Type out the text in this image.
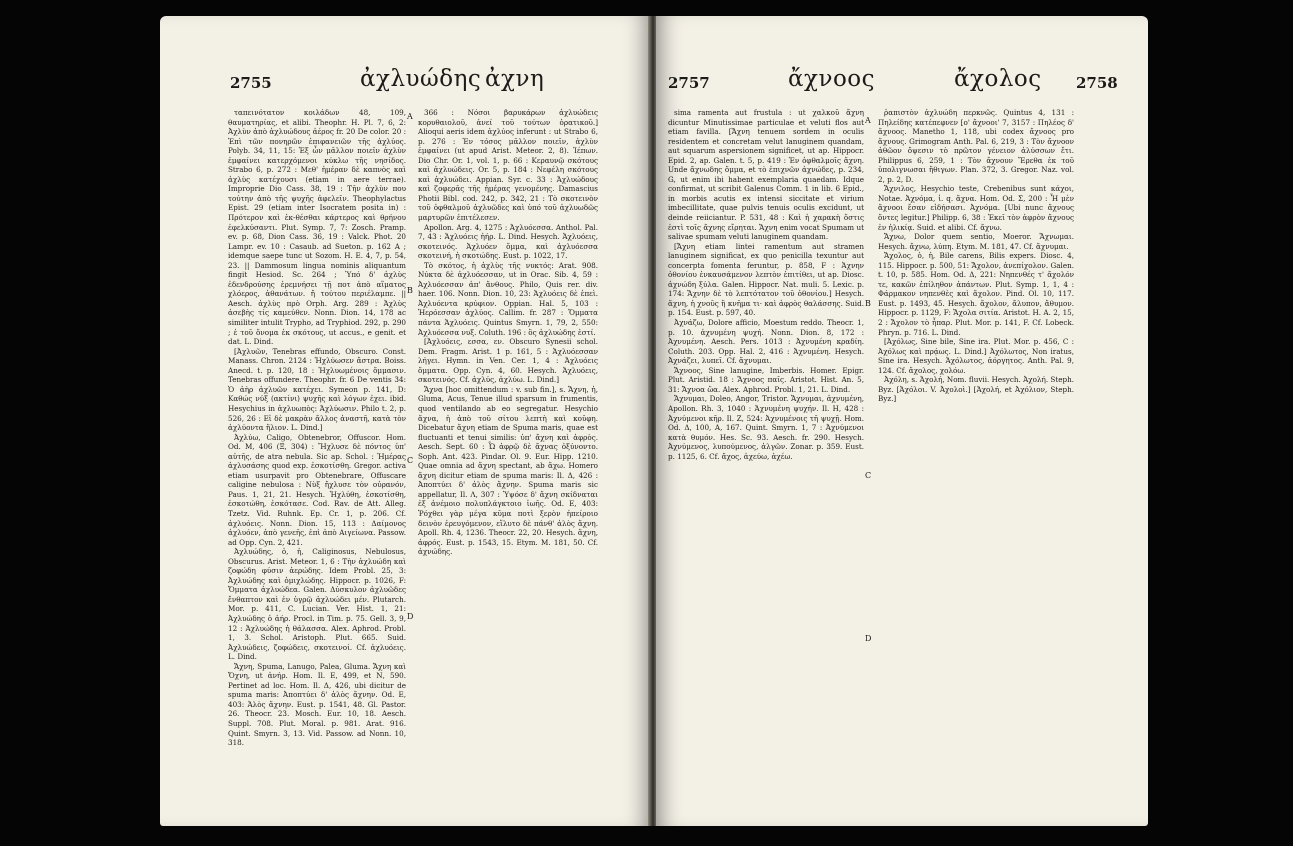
2755	ἀχλυώδης ἀχνη

ταπεινότατον κοιλάδων 48, 109, θαυματηρίας, et alibi. Theophr. H. Pl. 7, 6, 2: Ἀχλὺν ἀπὸ ἀχλυώδους ἀέρος fr. 20 De color. 20 : Ἐπὶ τῶν πονηρῶν ἐπιφανειῶν τῆς ἀχλύος. Polyb. 34, 11, 15: Ἐξ ὧν μᾶλλον ποιεῖν ἀχλὺν ἐμφαίνει κατερχόμενοι κύκλω τῆς νησίδος. Strabo 6, p. 272 : Μεθ' ἡμέραν δὲ καπνὸς καὶ ἀχλὺς κατέχουσι (etiam in aere terrae). Improprie Dio Cass. 38, 19 : Τῆν ἀχλὺν που τούτην ἀπὸ τῆς ψυχῆς ἀφελεῖν. Theophylactus Epist. 29 (etiam inter Isocratem posita in) : Πρότερον καὶ ἐκ-θέσθαι κάρτερος καὶ θρήνου ἐφελκύσαντι. Plut. Symp. 7, 7: Zosch. Pramp. ev. p. 68, Dion Cass. 36, 19 : Valck. Phot. 20 Lampr. ev. 10 : Casaub. ad Sueton. p. 162 A ; idemque saepe tunc ut Sozom. H. E. 4, 7, p. 54, 23. || Dammosum lingua nominis aliquantum fingit Hesiod. Sc. 264 ; Ὑπό δ' ἀχλὺς ἐδενδρούσης ἐρεμνήσει τῇ ποτ ἀπὸ αἵματος χλόερος, ἀθανάτων. ἤ τούτου περιέλαμπε. || Aesch. ἀχλὺς πρὸ Orph. Arg. 289 : Ἀχλὺς ἀσεβὴς τίς καμεύθεν. Nonn. Dion. 14, 178 ac similiter intulit Trypho, ad Tryphiod. 292, p. 290 ; ἑ τοῦ ὄνομα ἐκ σκότους, ut accus., e genit. et dat. L. Dind.

[Ἀχλυῶν, Tenebras effundo, Obscuro. Const. Manass. Chron. 2124 : Ἠχλύωσεν ἄστρα. Boiss. Anecd. t. p. 120, 18 : Ἠχλυωμένοις ὄμμασιν. Tenebras offundere. Theophr. fr. 6 De ventis 34: Ὁ ἀὴρ ἀχλυῶν κατέχει. Symeon p. 141, D: Καθώς νύξ (ακτίνι) ψυχῆς καὶ λόγων ἐχει. ibid. Hesychius in ἀχλυωπὸς: Ἀχλύωσιν. Philo t. 2, p. 526, 26 : Εἰ δὲ μακρὰν ἄλλος ἀναστῆ, κατὰ τὸν ἀχλύοντα ἥλιον. L. Dind.]

Ἀχλύω, Caligo, Obtenebror, Offuscor. Hom. Od. M, 406 (Ξ, 304) : Ἤχλυσε δὲ πόντος ὑπ' αὐτῆς, de atra nebula. Sic ap. Schol. : Ἡμέρας ἀχλυσάσης quod exp. ἐσκοτίσθη. Gregor. activa etiam usurpavit pro Obtenebrare, Offuscare caligine nebulosa : Νὺξ ἤχλυσε τὸν οὐρανόν, Paus. 1, 21, 21. Hesych. Ἠχλύθη, ἐσκοτίσθη, ἐσκοτώθη, ἐσκότασε. Cod. Rav. de Att. Alleg. Tzetz. Vid. Ruhnk. Ep. Cr. 1, p. 206. Cf. ἀχλυόεις. Nonn. Dion. 15, 113 : Δαίμονος ἀχλυόεν, ἀπὸ γενεῆς, ἐπὶ ἀπὸ Αιγείωνα. Passow. ad Opp. Cyn. 2, 421.

Ἀχλυώδης, ὁ, ἡ, Caliginosus, Nebulosus, Obscurus. Arist. Meteor. 1, 6 : Τὴν ἀχλυώδη καὶ ζοφώδη φύσιν ἀερώδης. Idem Probl. 25, 3: Ἀχλυώδης καὶ ὁμιχλώδης. Hippocr. p. 1026, F: Ὄμματα ἀχλυώδεα. Galen. Δύσκυλον ἀχλυῶδες ἔνθαπτον καὶ ἐν ὑγρῷ ἀχλυώδει μέν. Plutarch. Mor. p. 411, C. Lucian. Ver. Hist. 1, 21: Ἀχλυώδης ὁ ἀήρ. Procl. in Tim. p. 75. Gell. 3, 9, 12 : Ἀχλυώδης ἡ θάλασσα. Alex. Aphrod. Probl. 1, 3. Schol. Aristoph. Plut. 665. Suid. Ἀχλυώδεις, ζοφώδεις, σκοτεινοί. Cf. ἀχλυόεις. L. Dind.

Ἄχνη, Spuma, Lanugo, Palea, Gluma. Ἄχνη καὶ Ὄχνη, ut ἀνήρ. Hom. Il. Ε, 499, et Ν, 590. Pertinet ad loc. Hom. Il. Δ, 426, ubi dicitur de spuma maris: Ἀποπτύει δ' ἁλὸς ἄχνην. Od. Ε, 403: Ἀλὸς ἄχνην. Eust. p. 1541, 48. Gl. Pastor. 26. Theocr. 23. Mosch. Eur. 10, 18. Aesch. Suppl. 708. Plut. Moral. p. 981. Arat. 916. Quint. Smyrn. 3, 13. Vid. Passow. ad Nonn. 10, 318.

366 : Νόσοι βαρυκάρων ἀχλυώδεις κορυθαιολοῦ, ἀνεί τοῦ τούτων ὁρατικοῦ.] Alioqui aeris idem ἀχλύος inferunt : ut Strabo 6, p. 276 : Ἐν τόσος μᾶλλον ποιεῖν, ἀχλὺν ἐμφαίνει (ut apud Arist. Meteor. 2, 8). Ἰέπων. Dio Chr. Or. 1, vol. 1, p. 66 : Κεραυνῷ σκότους καὶ ἀχλυώδεις. Or. 5, p. 184 : Νεφέλη σκότους καὶ ἀχλυώδει. Appian. Syr. c. 33 : Ἀχλυώδους καὶ ζοφερᾶς τῆς ἡμέρας γενομένης. Damascius Photii Bibl. cod. 242, p. 342, 21 : Τὸ σκοτεινὸν τοῦ ὁφθαλμοῦ ἀχλυῶδες καὶ ὑπό τοῦ ἀχλυωδῶς μαρτυρῶν ἐπιτέλεσεν.

Apollon. Arg. 4, 1275 : Ἀχλυόεσσα. Anthol. Pal. 7, 43 : Ἀχλυόεις ἠήρ. L. Dind. Hesych. Ἀχλυόεις, σκοτεινός. Ἀχλυόεν ὄμμα, καὶ ἀχλυόεσσα σκοτεινή, ἡ σκοτώδης. Eust. p. 1022, 17.

Τὸ σκότος, ἡ ἀχλὺς τῆς νυκτός: Arat. 908. Νύκτα δὲ ἀχλυόεσσαν, ut in Orac. Sib. 4, 59 : Ἀχλυόεσσαν ἀπ' ἄνθους. Philo, Quis rer. div. haer. 106. Nonn. Dion. 10, 23: Ἀχλυόεις δὲ ἐπεὶ. Ἀχλυόεντα κρύφιον. Oppian. Hal. 5, 103 : Ἠερόεσσαν ἀχλύος. Callim. fr. 287 : Ὄμματα πάντα Ἀχλυόεις. Quintus Smyrn. 1, 79, 2, 550: Ἀχλυόεσσα νυξ. Coluth. 196 : ὃς ἀχλυώδης ἐστί.

[Ἀχλυόεις, εσσα, εν. Obscuro Synesii schol. Dem. Fragm. Arist. 1 p. 161, 5 : Ἀχλυόεσσαν λήγει. Hymn. in Ven. Cer. 1, 4 : Ἀχλυόεις ὄμματα. Opp. Cyn. 4, 60. Hesych. Ἀχλυόεις, σκοτεινός. Cf. ἀχλύς, ἀχλύω. L. Dind.]

Ἄχνα [hoc omittendum : v. sub fin.], s. Ἄχνη, ἡ, Gluma, Acus, Tenue illud sparsum in frumentis, quod ventilando ab eo segregatur. Hesychio ἄχνα, ἡ ἀπὸ τοῦ σίτου λεπτὴ καὶ κοῦφη. Dicebatur ἄχνη etiam de Spuma maris, quae est fluctuanti et tenui similis: ὑπ' ἄχνη καὶ ἀφρὸς. Aesch. Sept. 60 : Ὦ ἀφρῷ δὲ ἄχνας ὀξύνοντο. Soph. Ant. 423. Pindar. Ol. 9. Eur. Hipp. 1210. Quae omnia ad ἄχνη spectant, ab ἄχω. Homero ἄχνη dicitur etiam de spuma maris: Il. Δ, 426 : Ἀποπτύει δ' ἁλὸς ἄχνην. Spuma maris sic appellatur, Il. Λ, 307 : Ὑψόσε δ' ἄχνη σκίδναται ἐξ ἀνέμοιο πολυπλάγκτοιο ἰωῆς. Od. Ε, 403: Ῥόχθει γὰρ μέγα κῦμα ποτὶ ξερὸν ἠπείροιο δεινὸν ἐρευγόμενον, εἴλυτο δὲ πάνθ' ἁλὸς ἄχνη. Apoll. Rh. 4, 1236. Theocr. 22, 20. Hesych. ἄχνη, ἀφρός. Eust. p. 1543, 15. Etym. M. 181, 50. Cf. ἀχνώδης.

A
B
C
D
2757	ἄχνοος	ἄχολος 2758

sima ramenta aut frustula : ut χαλκοῦ ἄχνη dicuntur Minutissimae particulae et veluti flos aut etiam favilla. [Ἄχνη tenuem sordem in oculis residentem et concretam velut lanuginem quandam, aut squarum aspersionem significet, ut ap. Hippocr. Epid. 2, ap. Galen. t. 5, p. 419 : Ἐν ὀφθαλμοῖς ἄχνη. Unde ἄχνωδης ὄμμα, et τὸ ἐπιχνῶν ἀχνώδες, p. 234, G, ut enim ibi habent exemplaria quaedam. Idque confirmat, ut scribit Galenus Comm. 1 in lib. 6 Epid., in morbis acutis ex intensi siccitate et virium imbecillitate, quae pulvis tenuis oculis excidunt, ut deinde reiiciantur. P. 531, 48 : Καὶ ἡ χαρακὴ ὅστις ἐστὶ τοῖς ἄχνης εἴρηται. Ἄχνη enim vocat Spumam ut salivae spumam veluti lanuginem quandam.

[Ἄχνη etiam lintei ramentum aut stramen lanuginem significat, ex quo penicilla texuntur aut concerpta fomenta feruntur, p. 858, F : Ἀχνην ὀθονίου ἐνκαυσάμενον λεπτὸν ἐπιτίθει, ut ap. Diosc. ἀχνώδη ξύλα. Galen. Hippocr. Nat. muli. 5. Lexic. p. 174: Ἄχνην δὲ τὸ λεπτότατον τοῦ ὀθονίου.] Hesych. ἄχνη, ἡ χνοῦς ἢ κνῆμα τι· καὶ ἀφρὸς θαλάσσης. Suid. p. 154. Eust. p. 597, 40.

Ἀχνάζω, Dolore afficio, Moestum reddo. Theocr. 1, p. 10. ἀχνυμένη ψυχή. Nonn. Dion. 8, 172 : Ἀχνυμένη. Aesch. Pers. 1013 : Ἀχνυμένη κραδίη. Coluth. 203. Opp. Hal. 2, 416 : Ἀχνυμένη. Hesych. Ἀχνάζει, λυπεῖ. Cf. ἄχνυμαι.

Ἄχνοος, Sine lanugine, Imberbis. Homer. Epigr. Plut. Aristid. 18 : Ἄχνοος παῖς. Aristot. Hist. An. 5, 31: Ἄχνοα ὤα. Alex. Aphrod. Probl. 1, 21. L. Dind.

Ἄχνυμαι, Doleo, Angor, Tristor. Ἄχνυμαι, ἀχνυμένη, Apollon. Rh. 3, 1040 : Ἀχνυμένη ψυχήν. Il. Η, 428 : Ἀχνύμενοι κῆρ. Il. Ζ, 524: Ἀχνυμένοις τῆ ψυχῇ. Hom. Od. Δ, 100, Α, 167. Quint. Smyrn. 1, 7 : Ἀχνύμενοι κατὰ θυμόν. Hes. Sc. 93. Aesch. fr. 290. Hesych. Ἀχνύμενος, λυπούμενος, ἀλγῶν. Zonar. p. 359. Eust. p. 1125, 6. Cf. ἄχος, ἀχεύω, ἀχέω.

ῥαπιστὸν ἀχλυώδη περκνῶς. Quintus 4, 131 : Πηλείδης κατέπεφνεν [ο' ἄχνοοι' 7, 3157 : Πηλέος δ' ἄχνοος. Manetho 1, 118, ubi codex ἄχνοος pro ἄχνους. Grimogram Anth. Pal. 6, 219, 3 : Τὸν ἄχνοον ἀθῶον ὄψεσιν τὸ πρῶτον γένειον ἀλύσσων ἔτι. Philippus 6, 259, 1 : Τὸν ἄχνουν Ἔρεθα ἐκ τοῦ ὑπολιγνωσαι ἤθιγων. Plan. 372, 3. Gregor. Naz. vol. 2, p. 2, D.

Ἄχνιλος, Hesychio teste, Crebenibus sunt κάχοι, Notae. Ἀχνόμα, ἰ. q. ἄχνα. Hom. Od. Σ, 200 : Ἦ μὲν ἄχνοοι ἔσαν εἰδήσασι. Ἀχνόμα. [Ubi nunc ἄχνους ὄντες legitur.] Philipp. 6, 38 : Ἐκεῖ τὸν ἀφρὸν ἄχνους ἐν ἡλικίᾳ. Suid. et alibi. Cf. ἄχνω.

Ἄχνω, Dolor quem sentio, Moeror. Ἄχνωμαι. Hesych. ἄχνω, λύπη. Etym. M. 181, 47. Cf. ἄχνυμαι.

Ἄχολος, ὁ, ἡ, Bile carens, Bilis expers. Diosc. 4, 115. Hippocr. p. 500, 51: Ἄχολον, ἀνεπίχολον. Galen. t. 10, p. 585. Hom. Od. Δ, 221: Νηπενθές τ' ἄχολόν τε, κακῶν ἐπίληθον ἁπάντων. Plut. Symp. 1, 1, 4 : Φάρμακον νηπενθὲς καὶ ἄχολον. Pind. Ol. 10, 117. Eust. p. 1493, 45. Hesych. ἄχολον, ἄλυπον, ἄθυμον. Hippocr. p. 1129, F: Ἄχολα σιτία. Aristot. H. A. 2, 15, 2 : Ἄχολον τὸ ἧπαρ. Plut. Mor. p. 141, F. Cf. Lobeck. Phryn. p. 716. L. Dind.

[Ἀχόλως, Sine bile, Sine ira. Plut. Mor. p. 456, C : Ἀχόλως καὶ πρᾴως. L. Dind.] Ἀχόλωτος, Non iratus, Sine ira. Hesych. Ἀχόλωτος, ἀόργητος. Anth. Pal. 9, 124. Cf. ἄχολος, χολόω.

Ἀχόλη, s. Ἀχολή, Nom. fluvii. Hesych. Ἀχολή. Steph. Byz. [Ἀχόλοι. V. Ἀχολοὶ.] [Ἀχολή, et Ἀχόλιον, Steph. Byz.]

A
B
C
D
